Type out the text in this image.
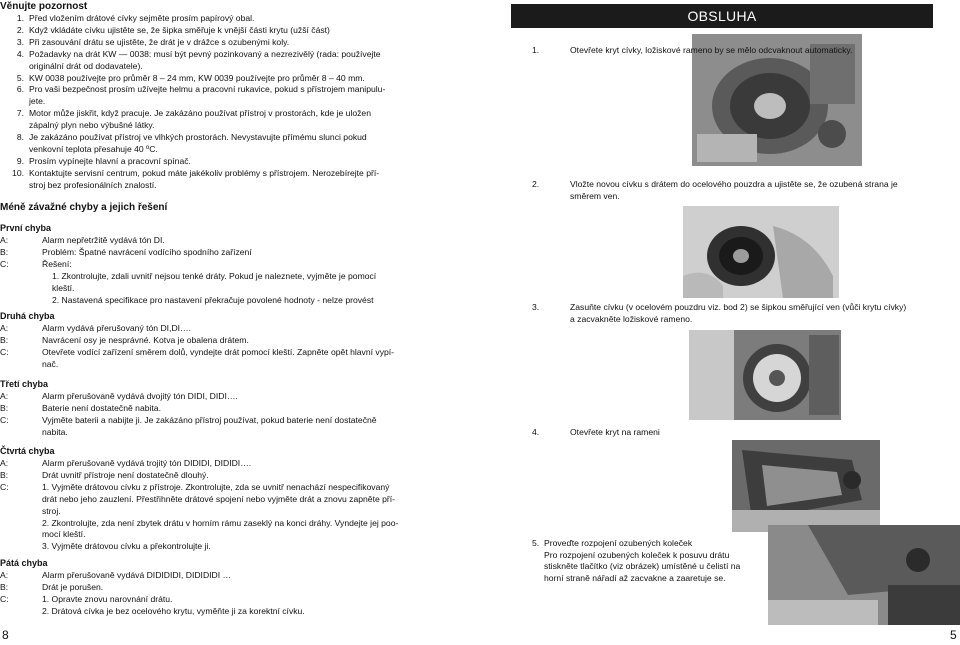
Věnujte pozornost
1. Před vložením drátové cívky sejměte prosím papírový obal.
2. Když vkládáte cívku ujistěte se, že šipka směřuje k vnější části krytu (užší část)
3. Při zasouvání drátu se ujistěte, že drát je v drážce s ozubenými koly.
4. Požadavky na drát KW — 0038: musí být pevný pozinkovaný a nezrezivělý (rada: používejte
originální drát od dodavatele).
5. KW 0038 používejte pro průměr 8 – 24 mm, KW 0039 používejte pro průměr 8 – 40 mm.
6. Pro vaši bezpečnost prosím užívejte helmu a pracovní rukavice, pokud s přístrojem manipulu-
jete.
7. Motor může jiskřit, když pracuje. Je zakázáno používat přístroj v prostorách, kde je uložen
zápalný plyn nebo výbušné látky.
8. Je zakázáno používat přístroj ve vlhkých prostorách. Nevystavujte přímému slunci pokud
venkovní teplota přesahuje 40 ºC.
9. Prosím vypínejte hlavní a pracovní spínač.
10. Kontaktujte servisní centrum, pokud máte jakékoliv problémy s přístrojem. Nerozebírejte pří-
stroj bez profesionálních znalostí.
Méně závažné chyby a jejich řešení
První chyba
A:	Alarm nepřetržitě vydává tón DI.
B:	Problém: Špatné navrácení vodícího spodního zařízení
C:	Řešení:
1. Zkontrolujte, zdali uvnitř nejsou tenké dráty. Pokud je naleznete, vyjměte je pomocí
kleští.
2. Nastavená specifikace pro nastavení překračuje povolené hodnoty - nelze provést
Druhá chyba
A:	Alarm vydává přerušovaný tón DI,DI….
B:	Navrácení osy je nesprávné. Kotva je obalena drátem.
C:	Otevřete vodící zařízení směrem dolů, vyndejte drát pomocí kleští. Zapněte opět hlavní vypí-
nač.
Třetí chyba
A:	Alarm přerušovaně vydává dvojitý tón DIDI, DIDI….
B:	Baterie není dostatečně nabita.
C:	Vyjměte baterii a nabijte ji. Je zakázáno přístroj používat, pokud baterie není dostatečně
nabita.
Čtvrtá chyba
A:	Alarm přerušovaně vydává trojitý tón DIDIDI, DIDIDI….
B:	Drát uvnitř přístroje není dostatečně dlouhý.
C:	1. Vyjměte drátovou cívku z přístroje. Zkontrolujte, zda se uvnitř nenachází nespecifikovaný
drát nebo jeho zauzlení. Přestřihněte drátové spojení nebo vyjměte drát a znovu zapněte pří-
stroj.
2. Zkontrolujte, zda není zbytek drátu v horním rámu zaseklý na konci dráhy. Vyndejte jej poo-
mocí kleští.
3. Vyjměte drátovou cívku a překontrolujte ji.
Pátá chyba
A:	Alarm přerušovaně vydává DIDIDIDI, DIDIDIDI …
B:	Drát je porušen.
C:	1. Opravte znovu narovnání drátu.
2. Drátová cívka je bez ocelového krytu, vyměňte ji za korektní cívku.
8
OBSLUHA
1.	Otevřete kryt cívky, ložiskové rameno by se mělo odcvaknout automaticky.
2.	Vložte novou cívku s drátem do ocelového pouzdra a ujistěte se, že ozubená strana je
směrem ven.
3.	Zasuňte cívku (v ocelovém pouzdru viz. bod 2) se šipkou směřující ven (vůči krytu cívky)
a zacvakněte ložiskové rameno.
4.	Otevřete kryt na rameni
5. Proveďte rozpojení ozubených koleček
Pro rozpojení ozubených koleček k posuvu drátu
stiskněte tlačítko (viz obrázek) umístěné u čelistí na
horní straně nářadí až zacvakne a zaaretuje se.
5
